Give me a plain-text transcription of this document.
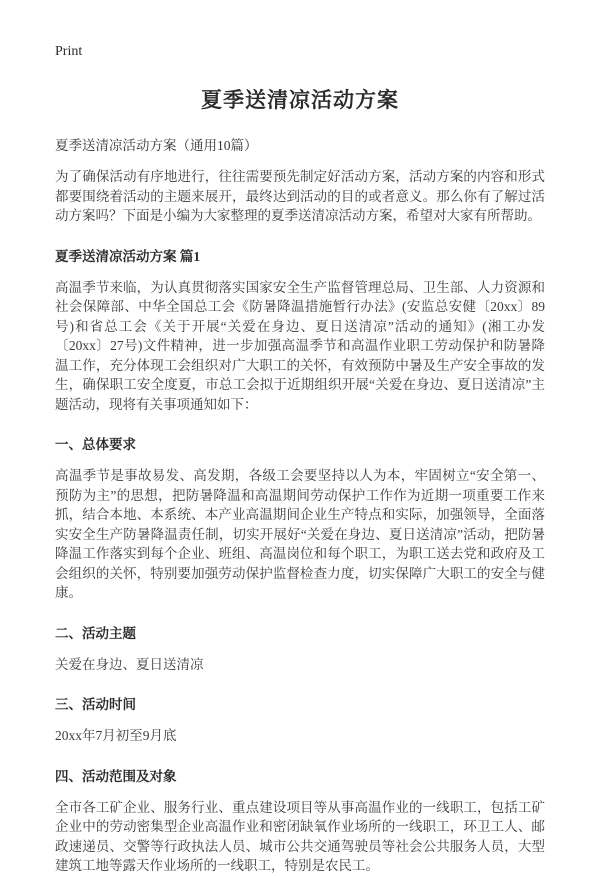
Print
夏季送清凉活动方案

夏季送清凉活动方案（通用10篇）

为了确保活动有序地进行，往往需要预先制定好活动方案，活动方案的内容和形式都要围绕着活动的主题来展开，最终达到活动的目的或者意义。那么你有了解过活动方案吗？下面是小编为大家整理的夏季送清凉活动方案，希望对大家有所帮助。

夏季送清凉活动方案 篇1

高温季节来临，为认真贯彻落实国家安全生产监督管理总局、卫生部、人力资源和社会保障部、中华全国总工会《防暑降温措施暂行办法》(安监总安健〔20xx〕89号)和省总工会《关于开展“关爱在身边、夏日送清凉”活动的通知》(湘工办发〔20xx〕27号)文件精神，进一步加强高温季节和高温作业职工劳动保护和防暑降温工作，充分体现工会组织对广大职工的关怀，有效预防中暑及生产安全事故的发生，确保职工安全度夏，市总工会拟于近期组织开展“关爱在身边、夏日送清凉”主题活动，现将有关事项通知如下：

一、总体要求

高温季节是事故易发、高发期，各级工会要坚持以人为本，牢固树立“安全第一、预防为主”的思想，把防暑降温和高温期间劳动保护工作作为近期一项重要工作来抓，结合本地、本系统、本产业高温期间企业生产特点和实际，加强领导，全面落实安全生产防暑降温责任制，切实开展好“关爱在身边、夏日送清凉”活动，把防暑降温工作落实到每个企业、班组、高温岗位和每个职工，为职工送去党和政府及工会组织的关怀，特别要加强劳动保护监督检查力度，切实保障广大职工的安全与健康。

二、活动主题

关爱在身边、夏日送清凉

三、活动时间

20xx年7月初至9月底

四、活动范围及对象

全市各工矿企业、服务行业、重点建设项目等从事高温作业的一线职工，包括工矿企业中的劳动密集型企业高温作业和密闭缺氧作业场所的一线职工，环卫工人、邮政速递员、交警等行政执法人员、城市公共交通驾驶员等社会公共服务人员，大型建筑工地等露天作业场所的一线职工，特别是农民工。
